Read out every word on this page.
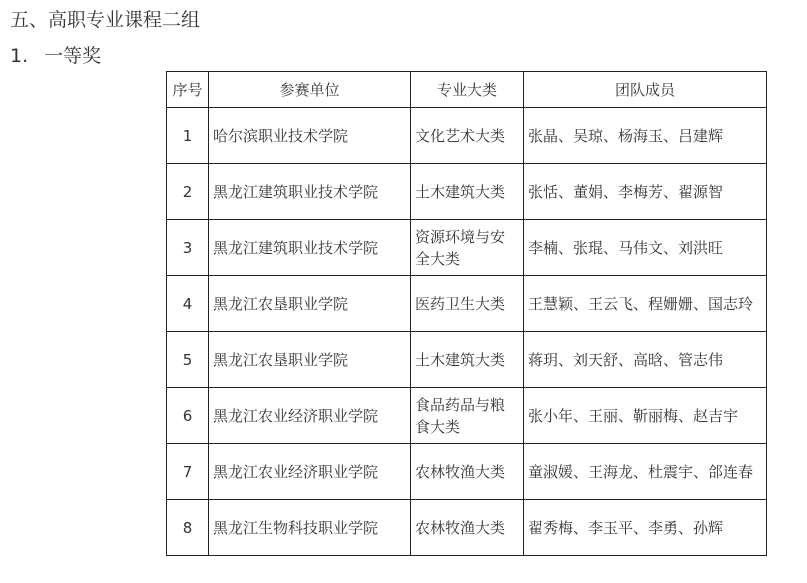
五、高职专业课程二组
1. 一等奖
序号	参赛单位	专业大类	团队成员
1	哈尔滨职业技术学院	文化艺术大类	张晶、吴琼、杨海玉、吕建辉
2	黑龙江建筑职业技术学院	土木建筑大类	张恬、董娟、李梅芳、翟源智
3	黑龙江建筑职业技术学院	资源环境与安全大类	李楠、张琨、马伟文、刘洪旺
4	黑龙江农垦职业学院	医药卫生大类	王慧颖、王云飞、程姗姗、国志玲
5	黑龙江农垦职业学院	土木建筑大类	蒋玥、刘天舒、高晗、管志伟
6	黑龙江农业经济职业学院	食品药品与粮食大类	张小年、王丽、靳丽梅、赵吉宇
7	黑龙江农业经济职业学院	农林牧渔大类	童淑媛、王海龙、杜震宇、郃连春
8	黑龙江生物科技职业学院	农林牧渔大类	翟秀梅、李玉平、李勇、孙辉
